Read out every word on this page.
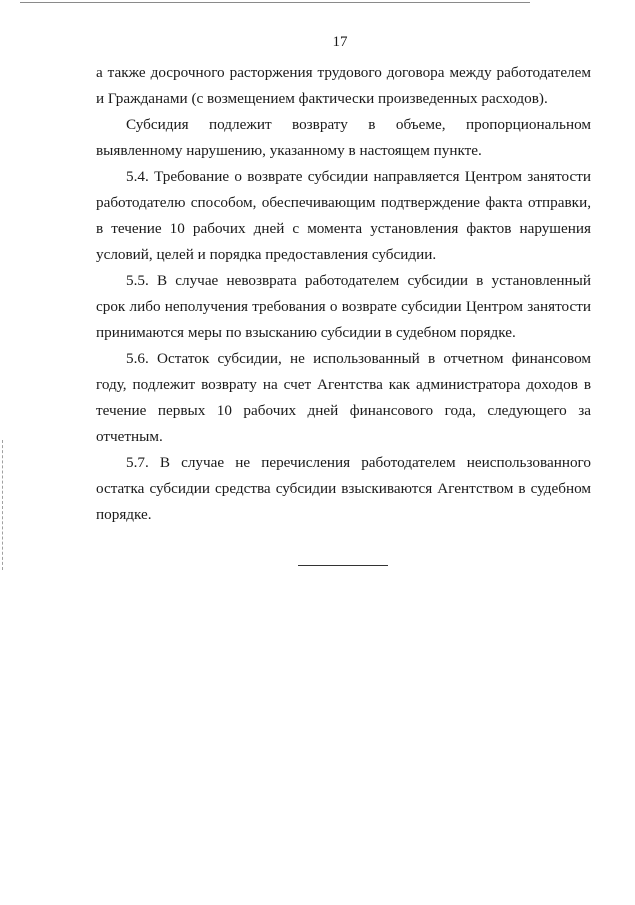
17

а также досрочного расторжения трудового договора между работодателем и Гражданами (с возмещением фактически произведенных расходов).

Субсидия подлежит возврату в объеме, пропорциональном выявленному нарушению, указанному в настоящем пункте.

5.4. Требование о возврате субсидии направляется Центром занятости работодателю способом, обеспечивающим подтверждение факта отправки, в течение 10 рабочих дней с момента установления фактов нарушения условий, целей и порядка предоставления субсидии.

5.5. В случае невозврата работодателем субсидии в установленный срок либо неполучения требования о возврате субсидии Центром занятости принимаются меры по взысканию субсидии в судебном порядке.

5.6. Остаток субсидии, не использованный в отчетном финансовом году, подлежит возврату на счет Агентства как администратора доходов в течение первых 10 рабочих дней финансового года, следующего за отчетным.

5.7. В случае не перечисления работодателем неиспользованного остатка субсидии средства субсидии взыскиваются Агентством в судебном порядке.
